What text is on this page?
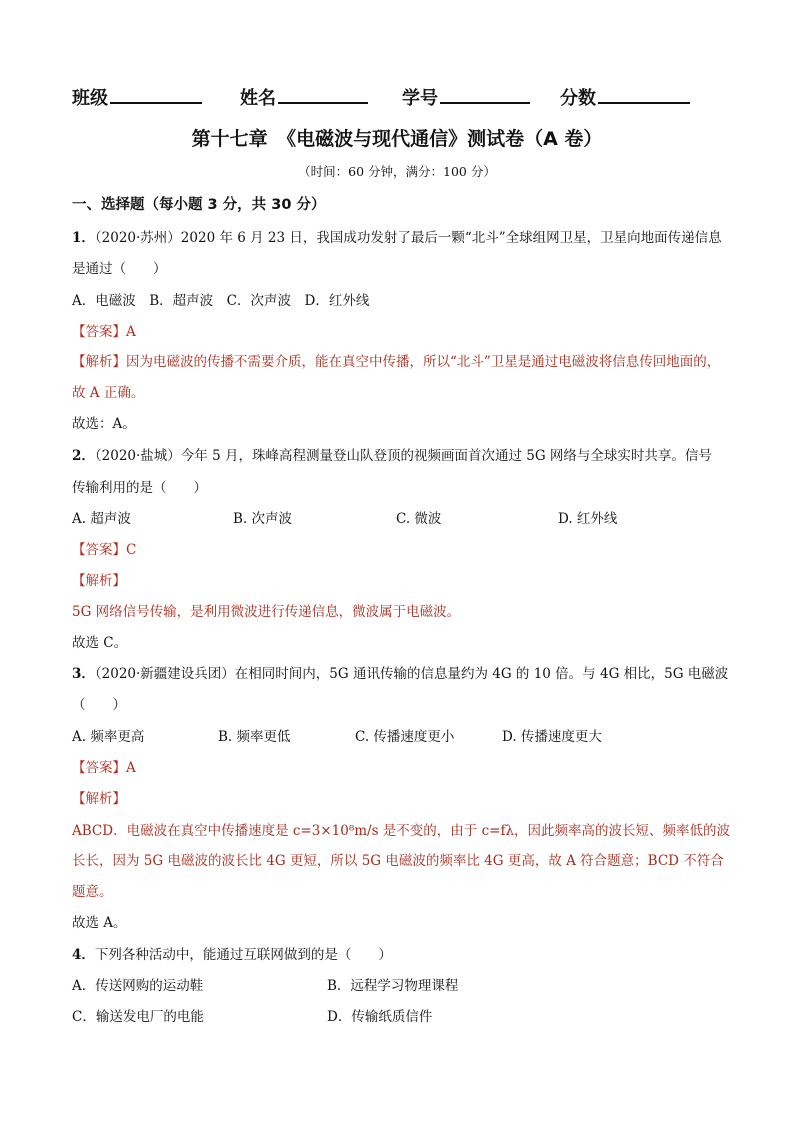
班级	姓名	学号	分数
第十七章　《电磁波与现代通信》测试卷（A 卷）
（时间：60 分钟，满分：100 分）
一、选择题（每小题 3 分，共 30 分）
1．（2020·苏州）2020 年 6 月 23 日，我国成功发射了最后一颗“北斗”全球组网卫星，卫星向地面传递信息
是通过（　　）
A．电磁波　B．超声波　C．次声波　D．红外线
【答案】A
【解析】因为电磁波的传播不需要介质，能在真空中传播，所以“北斗”卫星是通过电磁波将信息传回地面的，
故 A 正确。
故选：A。
2．（2020·盐城）今年 5 月，珠峰高程测量登山队登顶的视频画面首次通过 5G 网络与全球实时共享。信号
传输利用的是（　　）
A. 超声波	B. 次声波	C. 微波	D. 红外线
【答案】C
【解析】
5G 网络信号传输，是利用微波进行传递信息，微波属于电磁波。
故选 C。
3．（2020·新疆建设兵团）在相同时间内，5G 通讯传输的信息量约为 4G 的 10 倍。与 4G 相比，5G 电磁波
（　　）
A. 频率更高	B. 频率更低	C. 传播速度更小	D. 传播速度更大
【答案】A
【解析】
ABCD．电磁波在真空中传播速度是 c=3×10⁸m/s 是不变的，由于 c=fλ，因此频率高的波长短、频率低的波
长长，因为 5G 电磁波的波长比 4G 更短，所以 5G 电磁波的频率比 4G 更高，故 A 符合题意；BCD 不符合
题意。
故选 A。
4．下列各种活动中，能通过互联网做到的是（　　）
A．传送网购的运动鞋	B．远程学习物理课程
C．输送发电厂的电能	D．传输纸质信件
